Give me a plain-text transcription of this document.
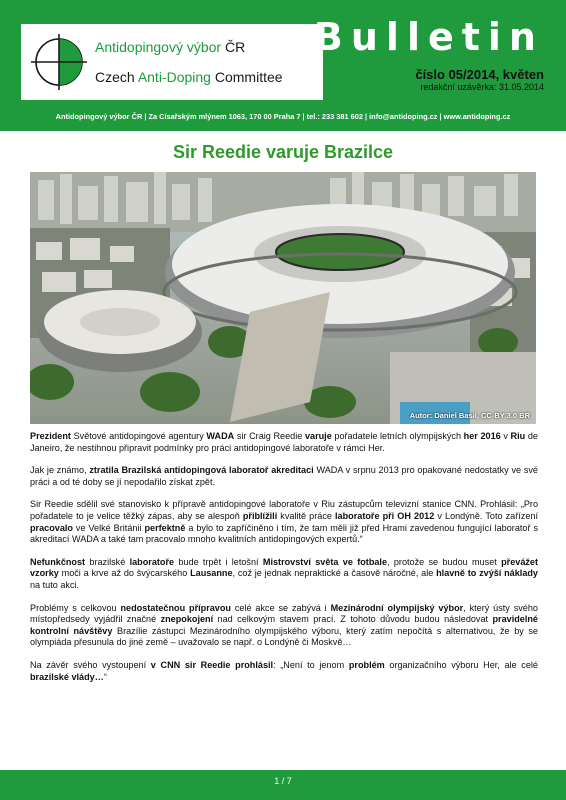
Antidopingový výbor ČR
Czech Anti-Doping Committee
Bulletin
číslo 05/2014, květen
redakční uzávěrka: 31.05.2014
Antidopingový výbor ČR | Za Císařským mlýnem 1063, 170 00 Praha 7 | tel.: 233 381 602 | info@antidoping.cz | www.antidoping.cz
Sir Reedie varuje Brazilce
Autor: Daniel Basil, CC-BY 3.0 BR

Prezident Světové antidopingové agentury WADA sir Craig Reedie varuje pořadatele letních olympijských her 2016 v Riu de Janeiro, že nestihnou připravit podmínky pro práci antidopingové laboratoře v rámci Her.

Jak je známo, ztratila Brazilská antidopingová laboratoř akreditaci WADA v srpnu 2013 pro opakované nedostatky ve své práci a od té doby se jí nepodařilo získat zpět.

Sir Reedie sdělil své stanovisko k přípravě antidopingové laboratoře v Riu zástupcům televizní stanice CNN. Prohlásil: „Pro pořadatele to je velice těžký zápas, aby se alespoň přiblížili kvalitě práce laboratoře při OH 2012 v Londýně. Toto zařízení pracovalo ve Velké Británii perfektně a bylo to zapříčiněno i tím, že tam měli již před Hrami zavedenou fungující laboratoř s akreditací WADA a také tam pracovalo mnoho kvalitních antidopingových expertů.“

Nefunkčnost brazilské laboratoře bude trpět i letošní Mistrovství světa ve fotbale, protože se budou muset převážet vzorky moči a krve až do švýcarského Lausanne, což je jednak nepraktické a časově náročné, ale hlavně to zvýší náklady na tuto akci.

Problémy s celkovou nedostatečnou přípravou celé akce se zabývá i Mezinárodní olympijský výbor, který ústy svého místopředsedy vyjádřil značné znepokojení nad celkovým stavem prací. Z tohoto důvodu budou následovat pravidelné kontrolní návštěvy Brazílie zástupci Mezinárodního olympijského výboru, který zatím nepočítá s alternativou, že by se olympiáda přesunula do jiné země – uvažovalo se např. o Londýně či Moskvě…

Na závěr svého vystoupení v CNN sir Reedie prohlásil: „Není to jenom problém organizačního výboru Her, ale celé brazilské vlády…“

1 / 7
